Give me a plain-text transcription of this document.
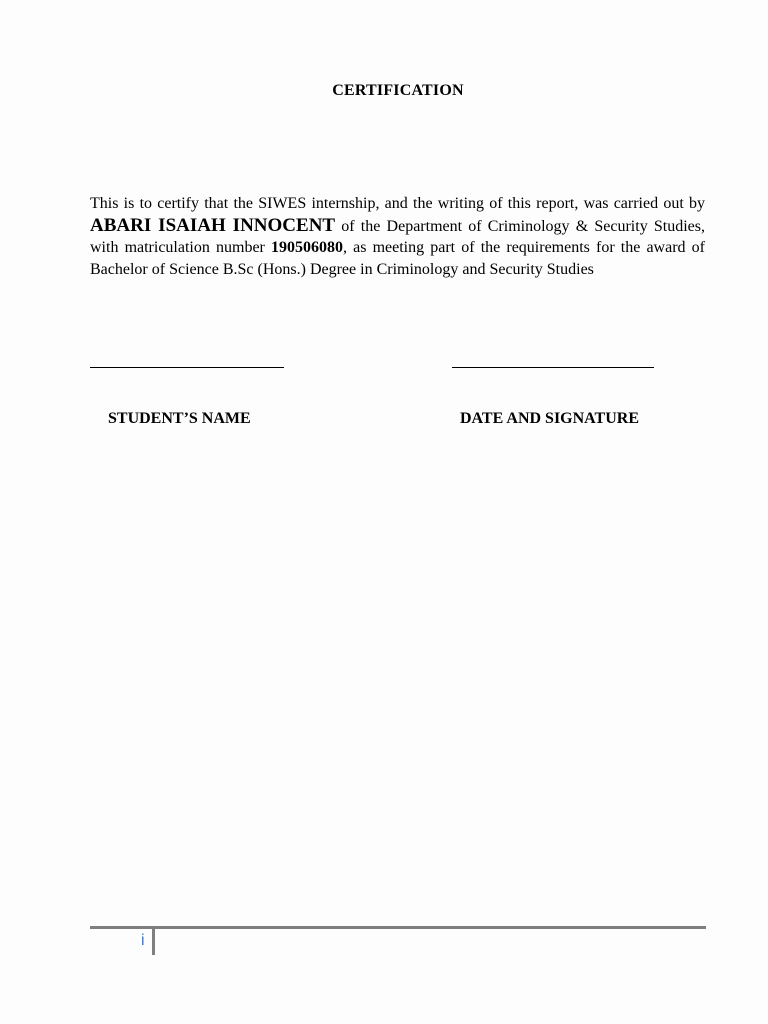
CERTIFICATION

This is to certify that the SIWES internship, and the writing of this report, was carried out by ABARI ISAIAH INNOCENT of the Department of Criminology & Security Studies, with matriculation number 190506080, as meeting part of the requirements for the award of Bachelor of Science B.Sc (Hons.) Degree in Criminology and Security Studies

STUDENT’S NAME	DATE AND SIGNATURE
i
